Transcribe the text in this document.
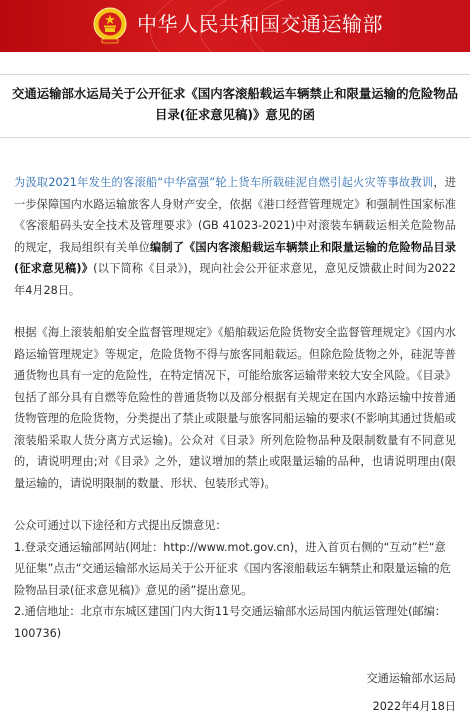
中华人民共和国交通运输部
交通运输部水运局关于公开征求《国内客滚船载运车辆禁止和限量运输的危险物品目录(征求意见稿)》意见的函

为汲取2021年发生的客滚船“中华富强”轮上货车所载硅泥自燃引起火灾等事故教训，进一步保障国内水路运输旅客人身财产安全，依据《港口经营管理规定》和强制性国家标准《客滚船码头安全技术及管理要求》(GB 41023-2021)中对滚装车辆载运相关危险物品的规定，我局组织有关单位编制了《国内客滚船载运车辆禁止和限量运输的危险物品目录(征求意见稿)》(以下简称《目录》)，现向社会公开征求意见，意见反馈截止时间为2022年4月28日。

根据《海上滚装船舶安全监督管理规定》《船舶载运危险货物安全监督管理规定》《国内水路运输管理规定》等规定，危险货物不得与旅客同船载运。但除危险货物之外，硅泥等普通货物也具有一定的危险性，在特定情况下，可能给旅客运输带来较大安全风险。《目录》包括了部分具有自燃等危险性的普通货物以及部分根据有关规定在国内水路运输中按普通货物管理的危险货物，分类提出了禁止或限量与旅客同船运输的要求(不影响其通过货船或滚装船采取人货分离方式运输)。公众对《目录》所列危险物品种及限制数量有不同意见的，请说明理由;对《目录》之外，建议增加的禁止或限量运输的品种，也请说明理由(限量运输的，请说明限制的数量、形状、包装形式等)。

公众可通过以下途径和方式提出反馈意见：

1.登录交通运输部网站(网址：http://www.mot.gov.cn)，进入首页右侧的“互动”栏“意见征集”点击“交通运输部水运局关于公开征求《国内客滚船载运车辆禁止和限量运输的危险物品目录(征求意见稿)》意见的函”提出意见。

2.通信地址：北京市东城区建国门内大街11号交通运输部水运局国内航运管理处(邮编：100736)

交通运输部水运局
2022年4月18日
